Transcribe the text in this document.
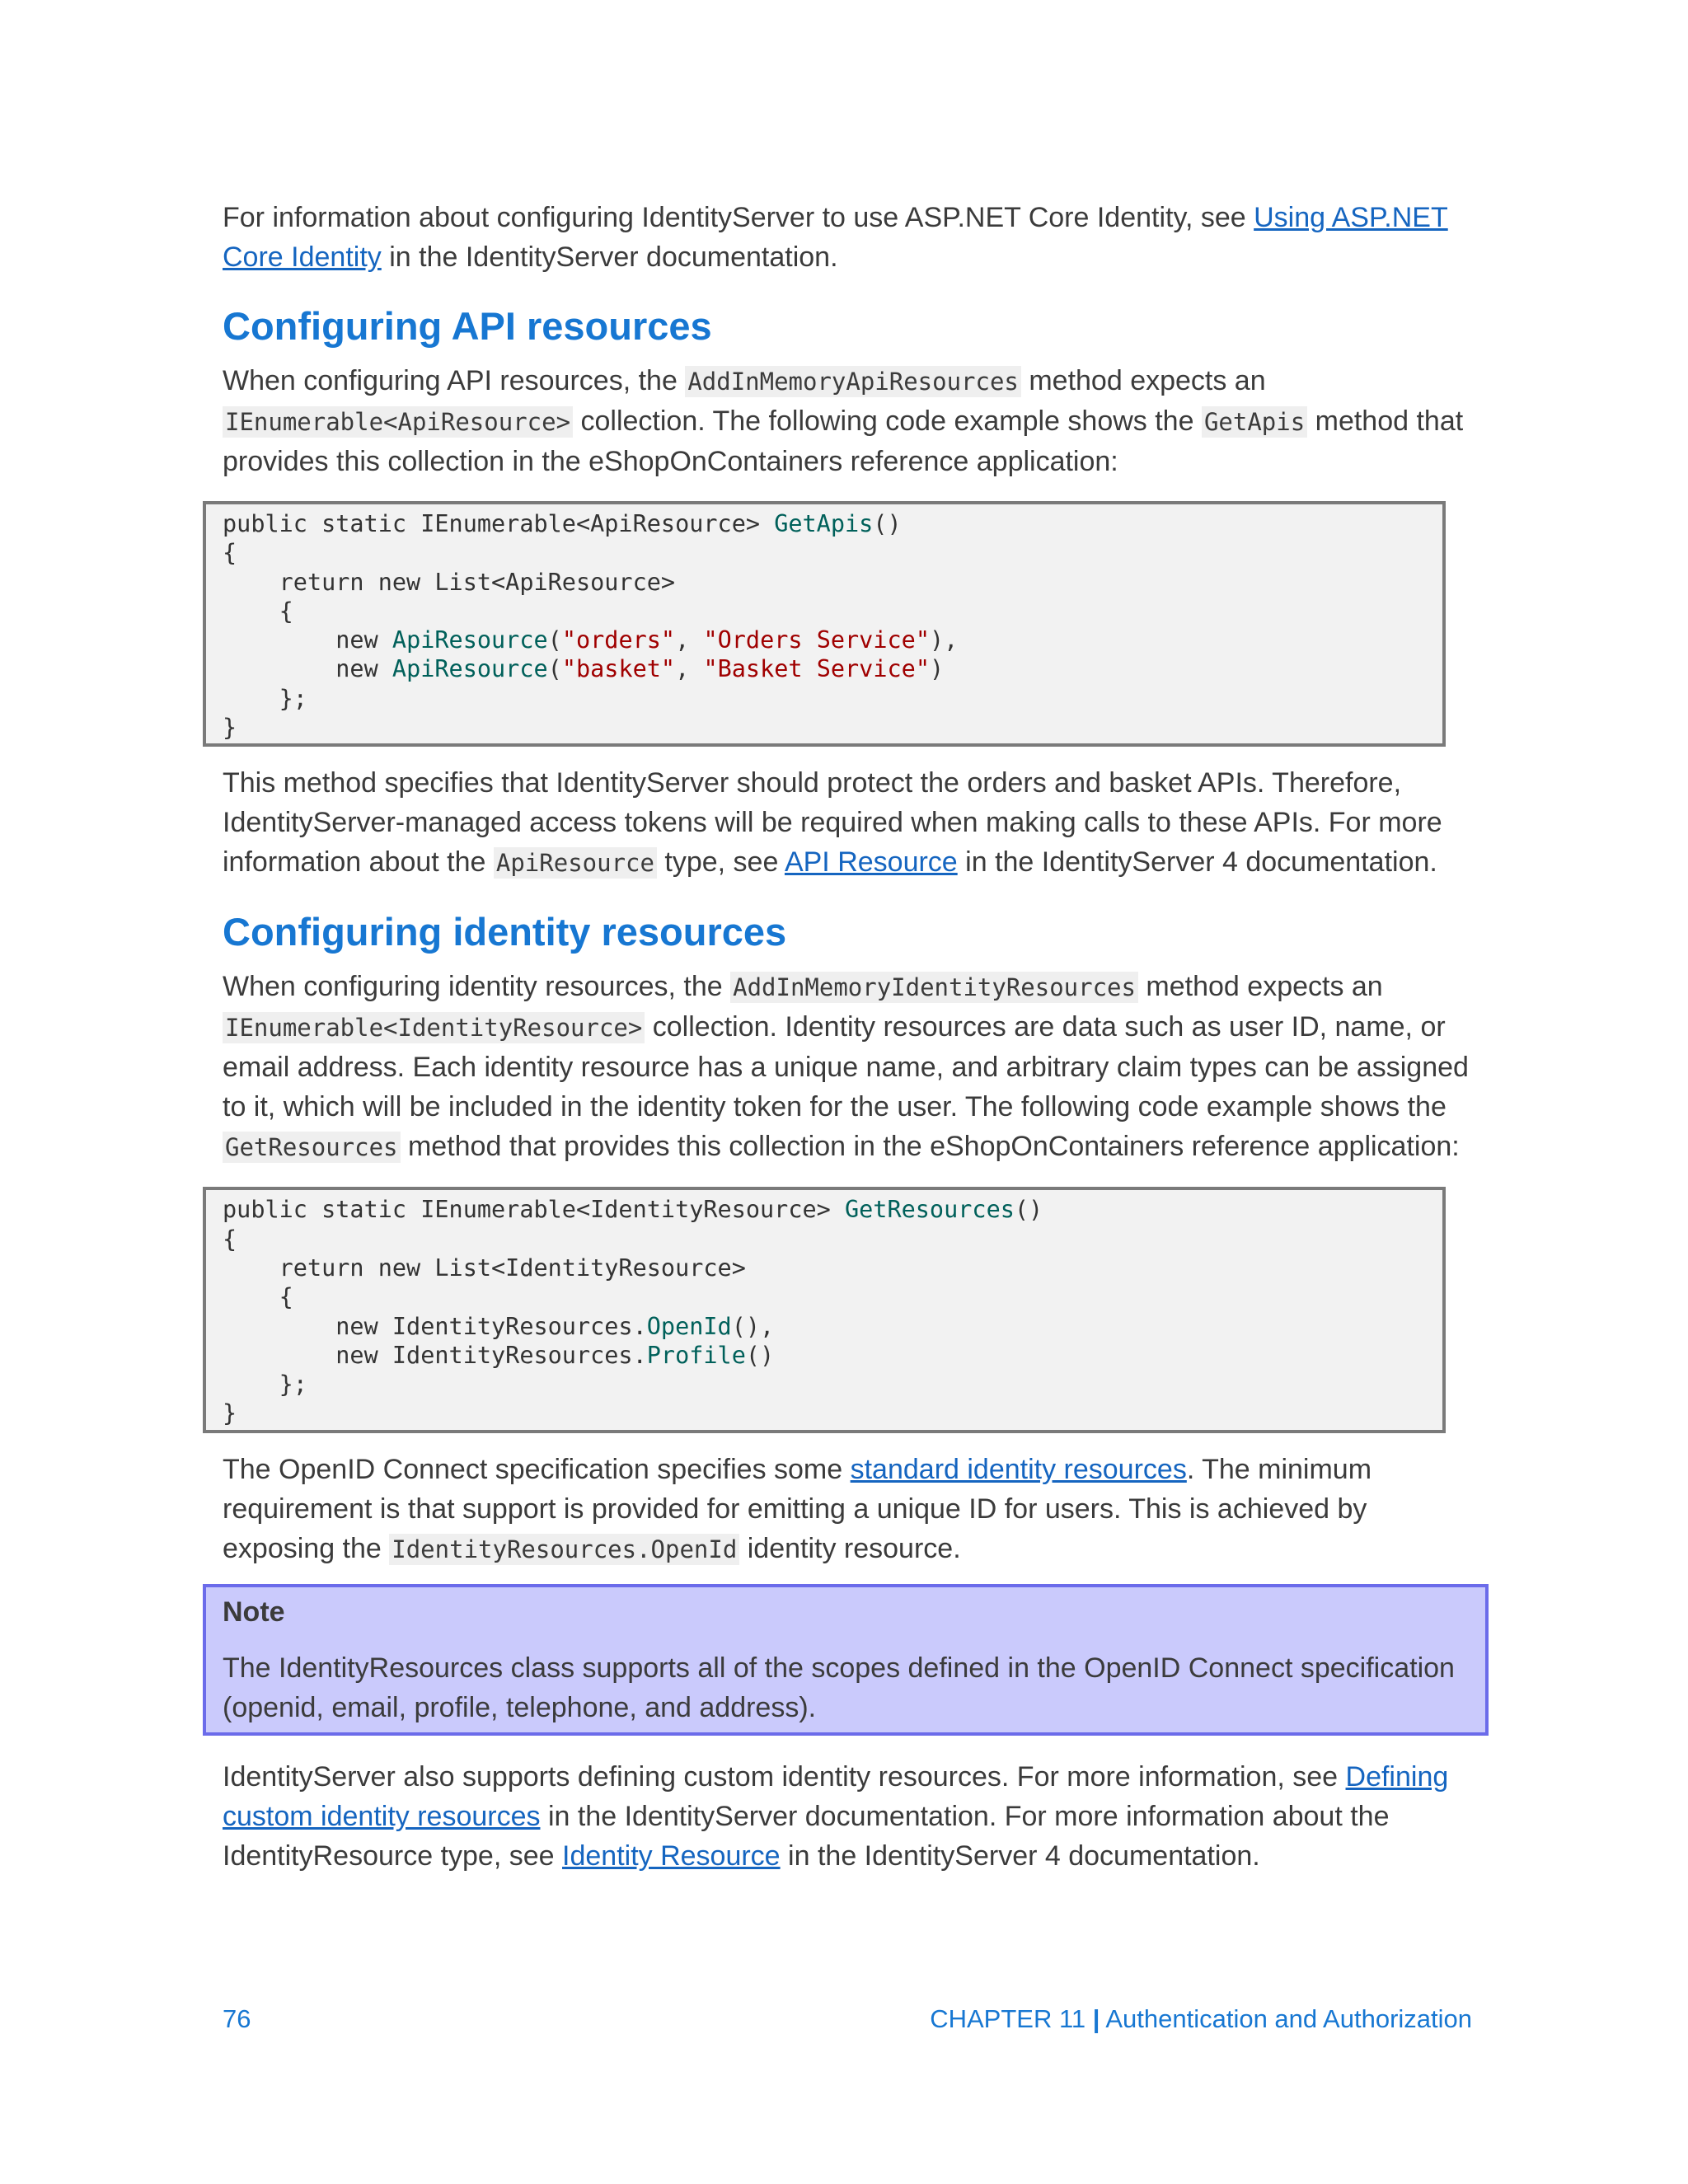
For information about configuring IdentityServer to use ASP.NET Core Identity, see Using ASP.NET Core Identity in the IdentityServer documentation.

Configuring API resources

When configuring API resources, the AddInMemoryApiResources method expects an IEnumerable<ApiResource> collection. The following code example shows the GetApis method that provides this collection in the eShopOnContainers reference application:

public static IEnumerable<ApiResource> GetApis()
{
return new List<ApiResource>
{
new ApiResource("orders", "Orders Service"),
new ApiResource("basket", "Basket Service")
};
}

This method specifies that IdentityServer should protect the orders and basket APIs. Therefore, IdentityServer-managed access tokens will be required when making calls to these APIs. For more information about the ApiResource type, see API Resource in the IdentityServer 4 documentation.

Configuring identity resources

When configuring identity resources, the AddInMemoryIdentityResources method expects an IEnumerable<IdentityResource> collection. Identity resources are data such as user ID, name, or email address. Each identity resource has a unique name, and arbitrary claim types can be assigned to it, which will be included in the identity token for the user. The following code example shows the GetResources method that provides this collection in the eShopOnContainers reference application:

public static IEnumerable<IdentityResource> GetResources()
{
return new List<IdentityResource>
{
new IdentityResources.OpenId(),
new IdentityResources.Profile()
};
}

The OpenID Connect specification specifies some standard identity resources. The minimum requirement is that support is provided for emitting a unique ID for users. This is achieved by exposing the IdentityResources.OpenId identity resource.

Note

The IdentityResources class supports all of the scopes defined in the OpenID Connect specification (openid, email, profile, telephone, and address).

IdentityServer also supports defining custom identity resources. For more information, see Defining custom identity resources in the IdentityServer documentation. For more information about the IdentityResource type, see Identity Resource in the IdentityServer 4 documentation.

76	CHAPTER 11 | Authentication and Authorization
